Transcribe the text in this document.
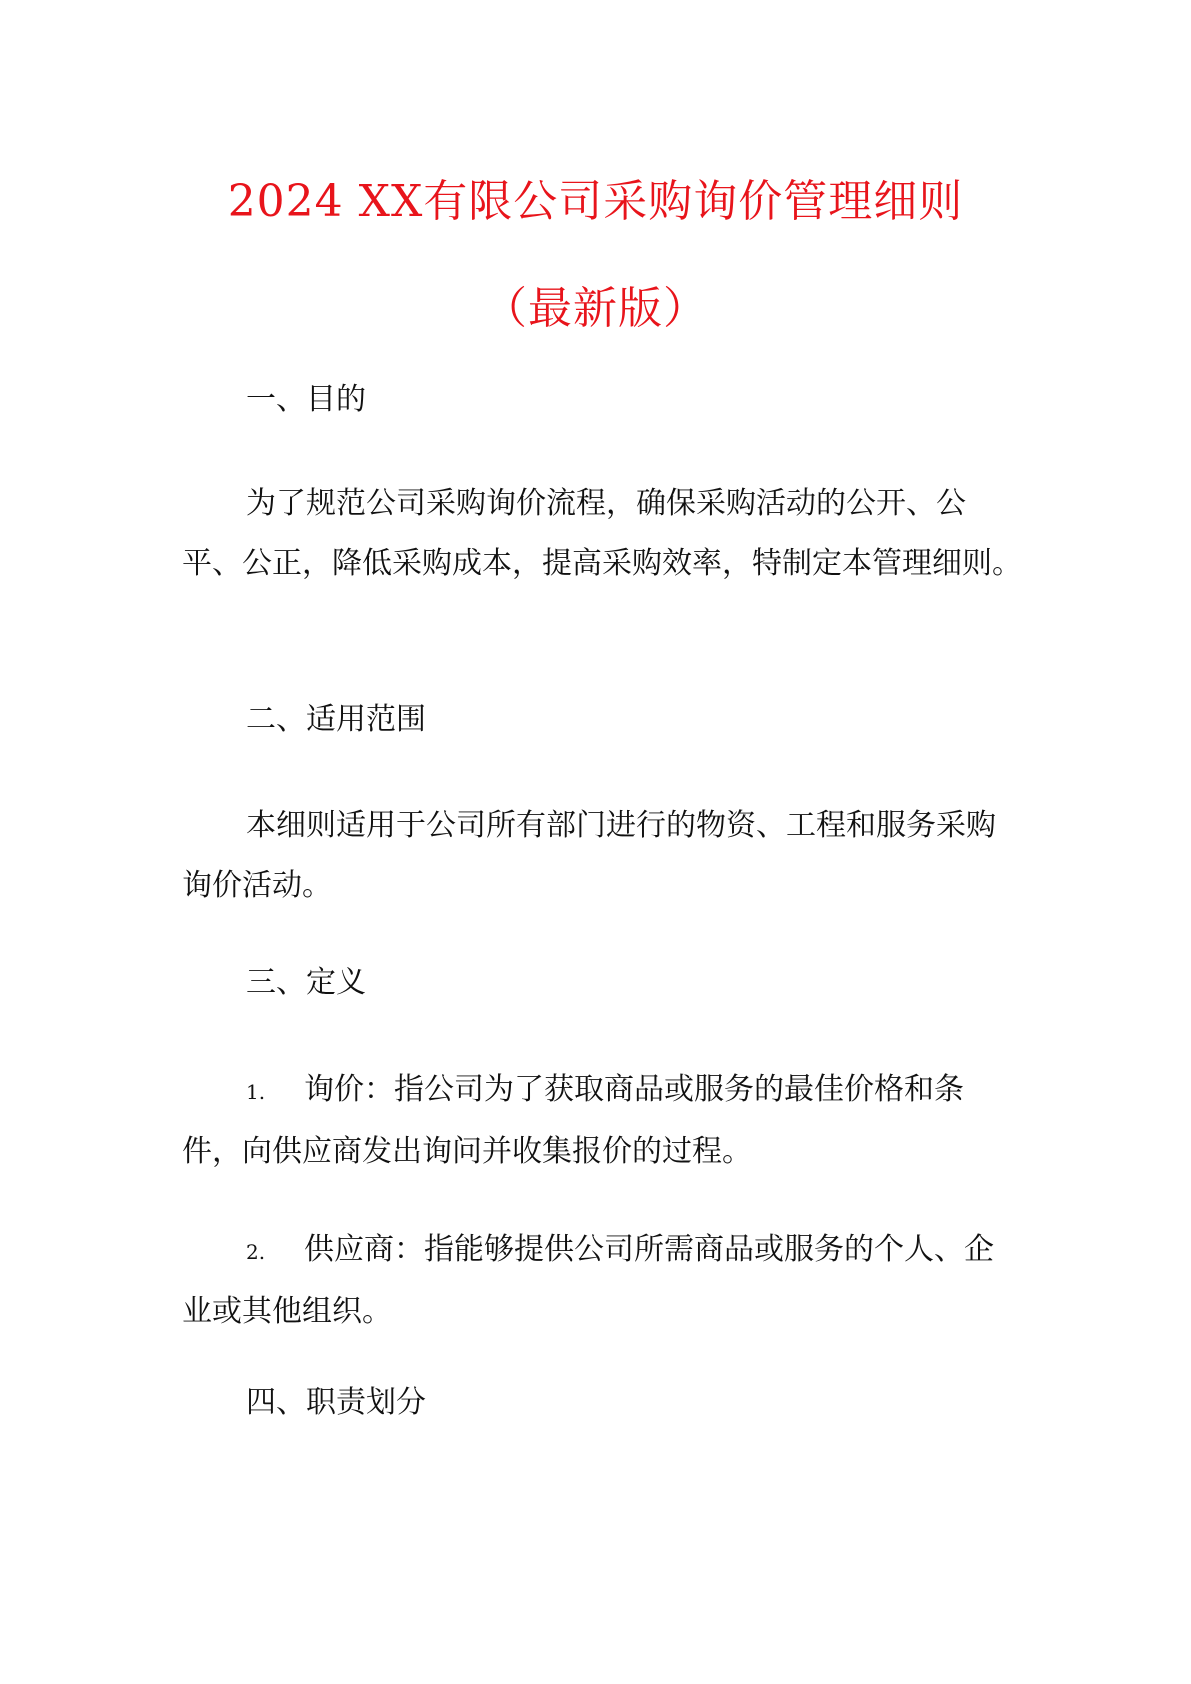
2024 XX有限公司采购询价管理细则
（最新版）
一、目的

为了规范公司采购询价流程，确保采购活动的公开、公平、公正，降低采购成本，提高采购效率，特制定本管理细则。

二、适用范围

本细则适用于公司所有部门进行的物资、工程和服务采购询价活动。

三、定义

1. 询价：指公司为了获取商品或服务的最佳价格和条件，向供应商发出询问并收集报价的过程。

2. 供应商：指能够提供公司所需商品或服务的个人、企业或其他组织。

四、职责划分
